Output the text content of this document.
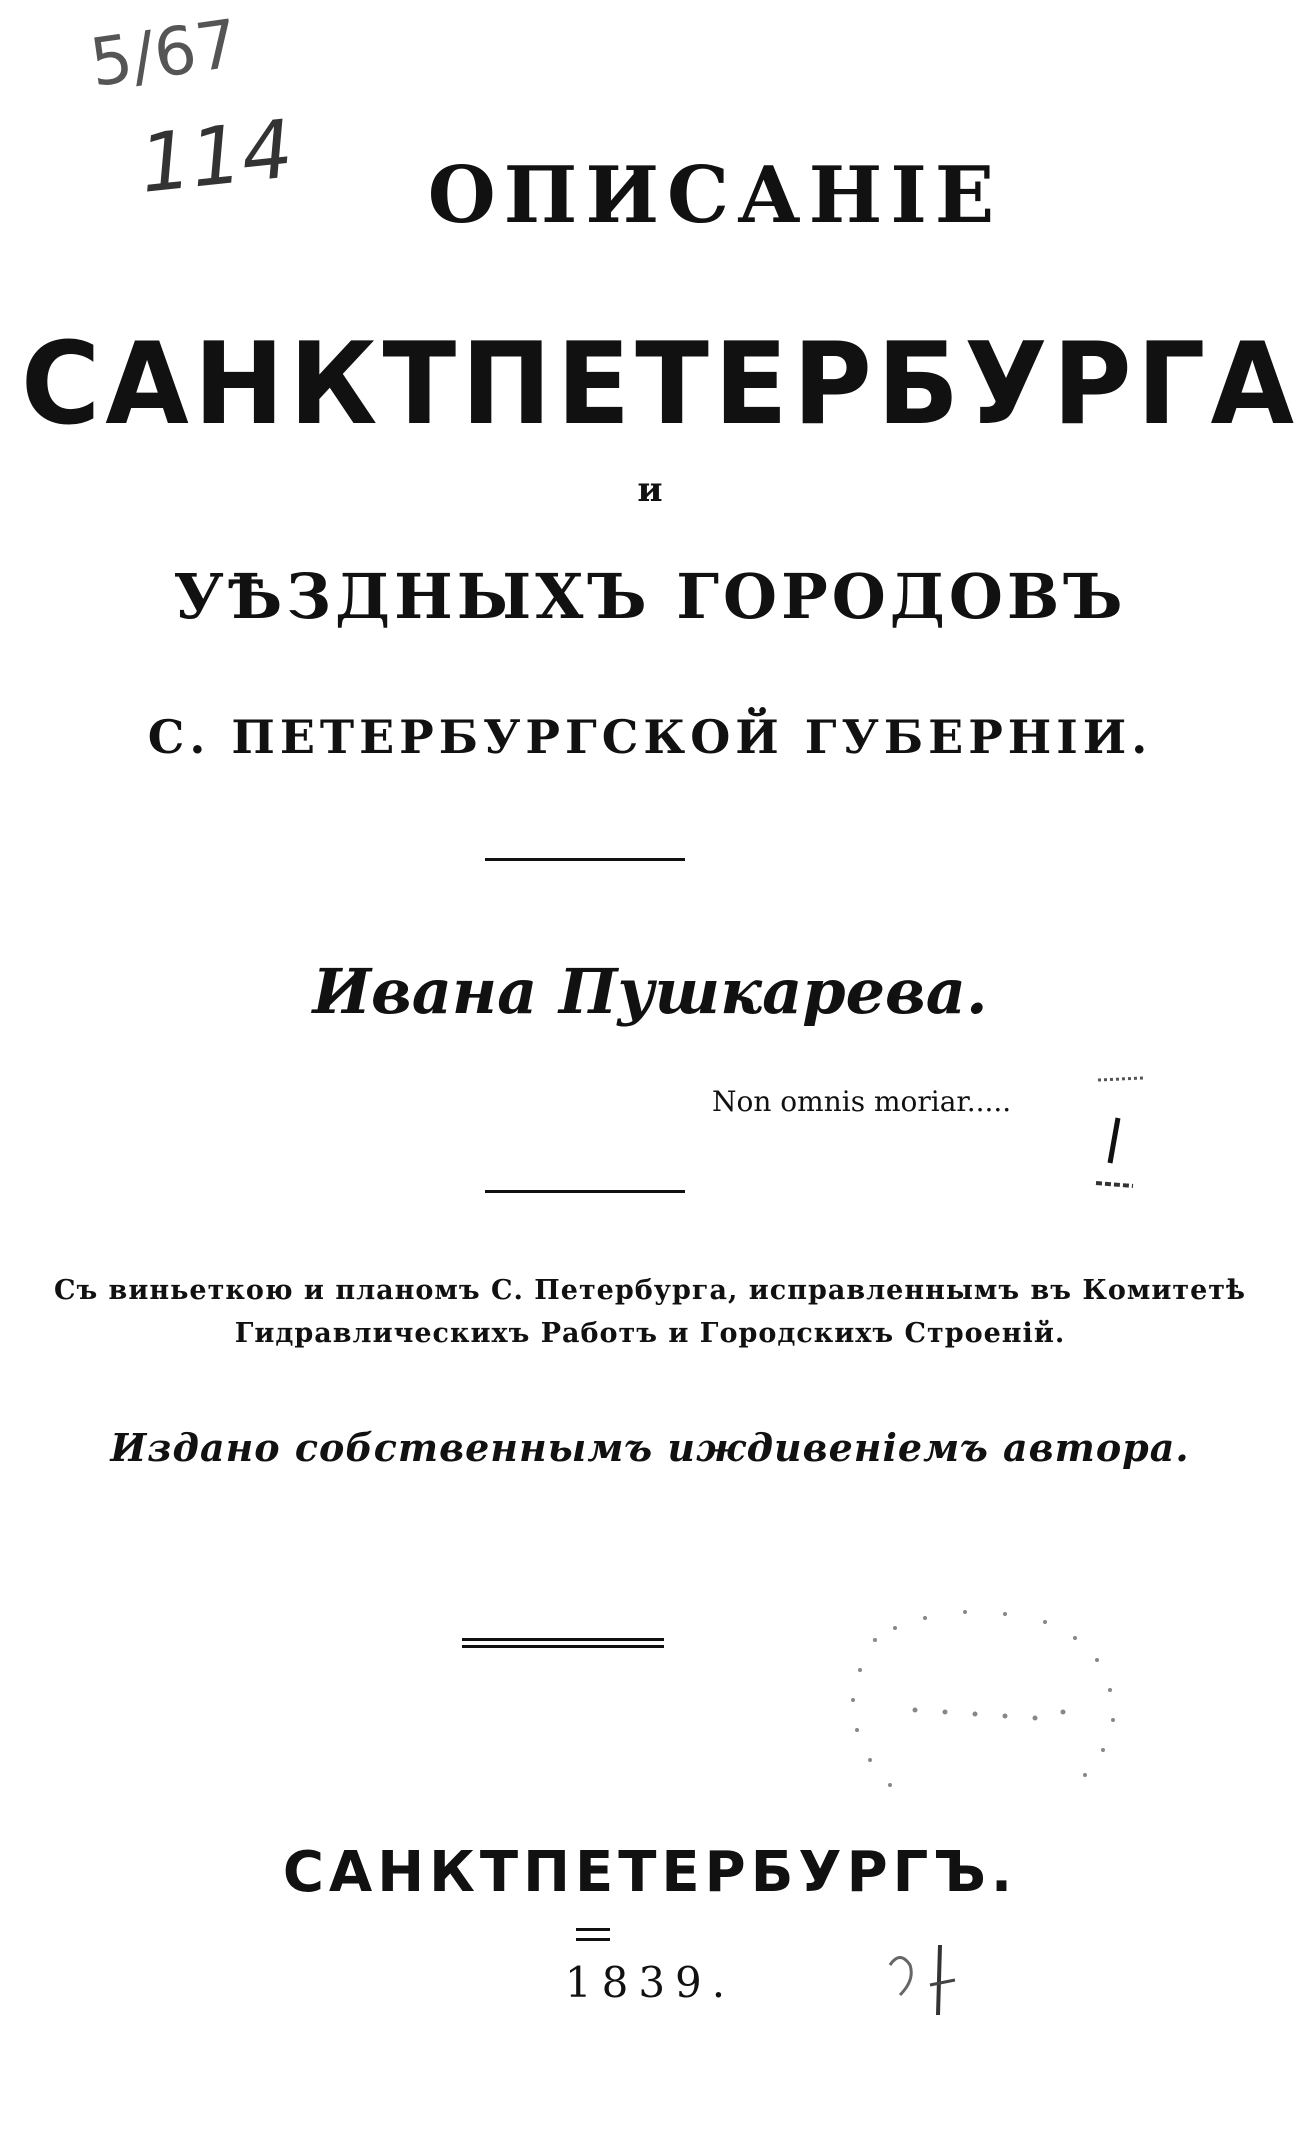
5/67
114	ОПИСАНІЕ
САНКТПЕТЕРБУРГА
и
УѢЗДНЫХЪ ГОРОДОВЪ
С. ПЕТЕРБУРГСКОЙ ГУБЕРНІИ.
Ивана Пушкарева.
Non omnis moriar.....
Съ виньеткою и планомъ С. Петербурга, исправленнымъ въ Комитетѣ
Гидравлическихъ Работъ и Городскихъ Строеній.
Издано собственнымъ иждивеніемъ автора.
САНКТПЕТЕРБУРГЪ.
1839.
